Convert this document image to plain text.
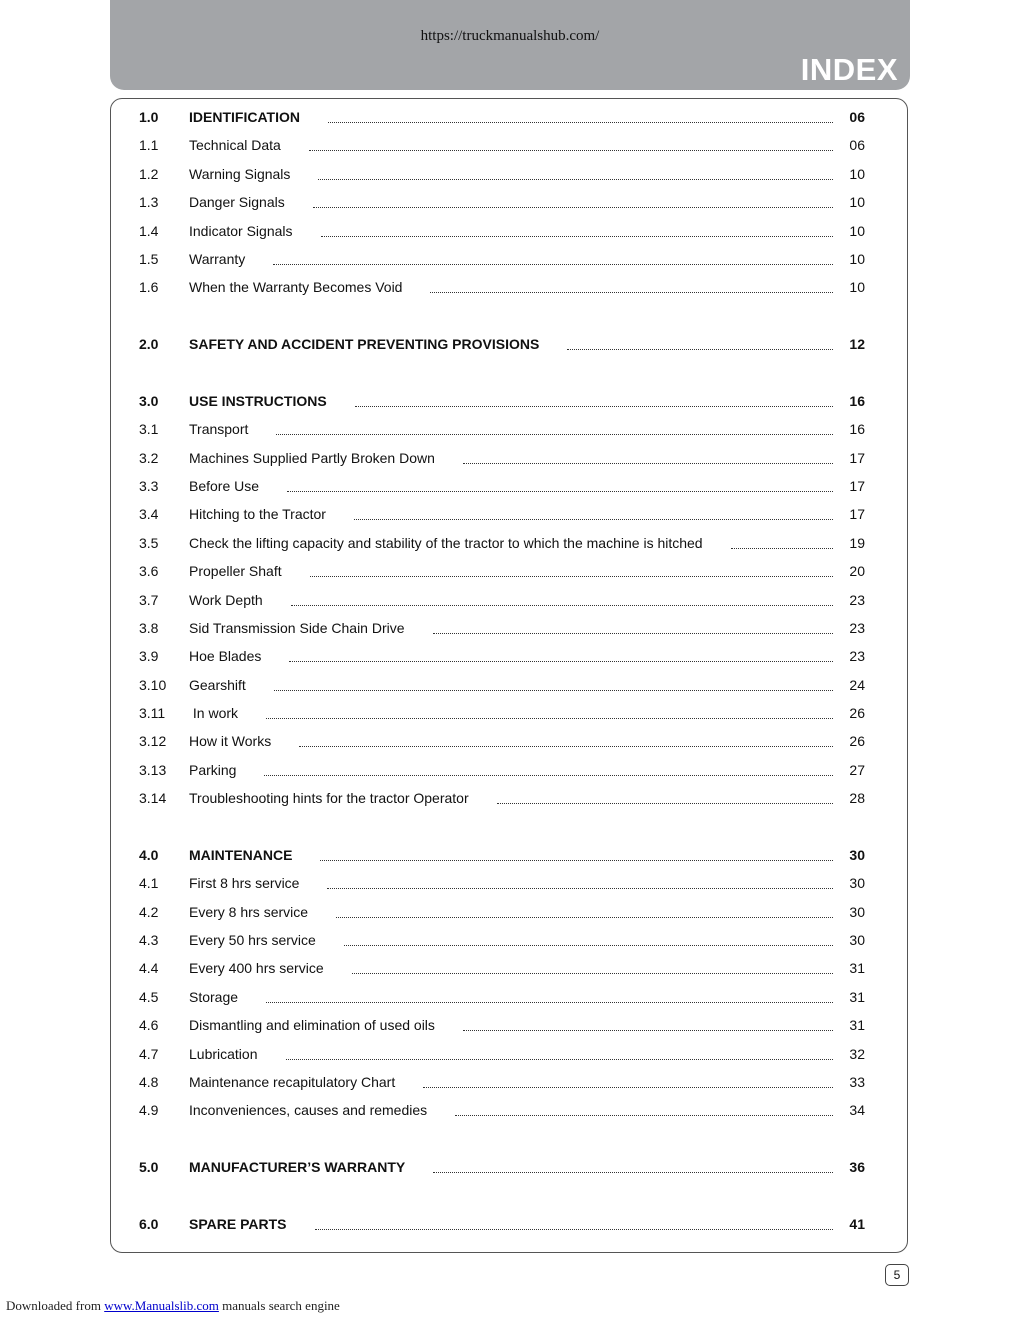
https://truckmanualshub.com/
INDEX
1.0	IDENTIFICATION	06
1.1	Technical Data	06
1.2	Warning Signals	10
1.3	Danger Signals	10
1.4	Indicator Signals	10
1.5	Warranty	10
1.6	When the Warranty Becomes Void	10
2.0	SAFETY AND ACCIDENT PREVENTING PROVISIONS	12
3.0	USE INSTRUCTIONS	16
3.1	Transport	16
3.2	Machines Supplied Partly Broken Down	17
3.3	Before Use	17
3.4	Hitching to the Tractor	17
3.5	Check the lifting capacity and stability of the tractor to which the machine is hitched	19
3.6	Propeller Shaft	20
3.7	Work Depth	23
3.8	Sid Transmission Side Chain Drive	23
3.9	Hoe Blades	23
3.10	Gearshift	24
3.11	In work	26
3.12	How it Works	26
3.13	Parking	27
3.14	Troubleshooting hints for the tractor Operator	28
4.0	MAINTENANCE	30
4.1	First 8 hrs service	30
4.2	Every 8 hrs service	30
4.3	Every 50 hrs service	30
4.4	Every 400 hrs service	31
4.5	Storage	31
4.6	Dismantling and elimination of used oils	31
4.7	Lubrication	32
4.8	Maintenance recapitulatory Chart	33
4.9	Inconveniences, causes and remedies	34
5.0	MANUFACTURER’S WARRANTY	36
6.0	SPARE PARTS	41
5
Downloaded from www.Manualslib.com manuals search engine
